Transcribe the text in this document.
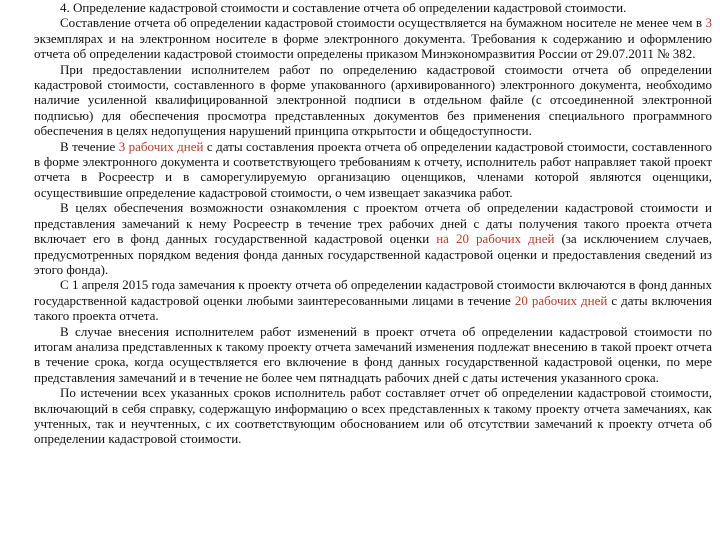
4. Определение кадастровой стоимости и составление отчета об определении кадастровой стоимости.

Составление отчета об определении кадастровой стоимости осуществляется на бумажном носителе не менее чем в 3 экземплярах и на электронном носителе в форме электронного документа. Требования к содержанию и оформлению отчета об определении кадастровой стоимости определены приказом Минэкономразвития России от 29.07.2011 № 382.

При предоставлении исполнителем работ по определению кадастровой стоимости отчета об определении кадастровой стоимости, составленного в форме упакованного (архивированного) электронного документа, необходимо наличие усиленной квалифицированной электронной подписи в отдельном файле (с отсоединенной электронной подписью) для обеспечения просмотра представленных документов без применения специального программного обеспечения в целях недопущения нарушений принципа открытости и общедоступности.

В течение 3 рабочих дней с даты составления проекта отчета об определении кадастровой стоимости, составленного в форме электронного документа и соответствующего требованиям к отчету, исполнитель работ направляет такой проект отчета в Росреестр и в саморегулируемую организацию оценщиков, членами которой являются оценщики, осуществившие определение кадастровой стоимости, о чем извещает заказчика работ.

В целях обеспечения возможности ознакомления с проектом отчета об определении кадастровой стоимости и представления замечаний к нему Росреестр в течение трех рабочих дней с даты получения такого проекта отчета включает его в фонд данных государственной кадастровой оценки на 20 рабочих дней (за исключением случаев, предусмотренных порядком ведения фонда данных государственной кадастровой оценки и предоставления сведений из этого фонда).

С 1 апреля 2015 года замечания к проекту отчета об определении кадастровой стоимости включаются в фонд данных государственной кадастровой оценки любыми заинтересованными лицами в течение 20 рабочих дней с даты включения такого проекта отчета.

В случае внесения исполнителем работ изменений в проект отчета об определении кадастровой стоимости по итогам анализа представленных к такому проекту отчета замечаний изменения подлежат внесению в такой проект отчета в течение срока, когда осуществляется его включение в фонд данных государственной кадастровой оценки, по мере представления замечаний и в течение не более чем пятнадцать рабочих дней с даты истечения указанного срока.

По истечении всех указанных сроков исполнитель работ составляет отчет об определении кадастровой стоимости, включающий в себя справку, содержащую информацию о всех представленных к такому проекту отчета замечаниях, как учтенных, так и неучтенных, с их соответствующим обоснованием или об отсутствии замечаний к проекту отчета об определении кадастровой стоимости.
